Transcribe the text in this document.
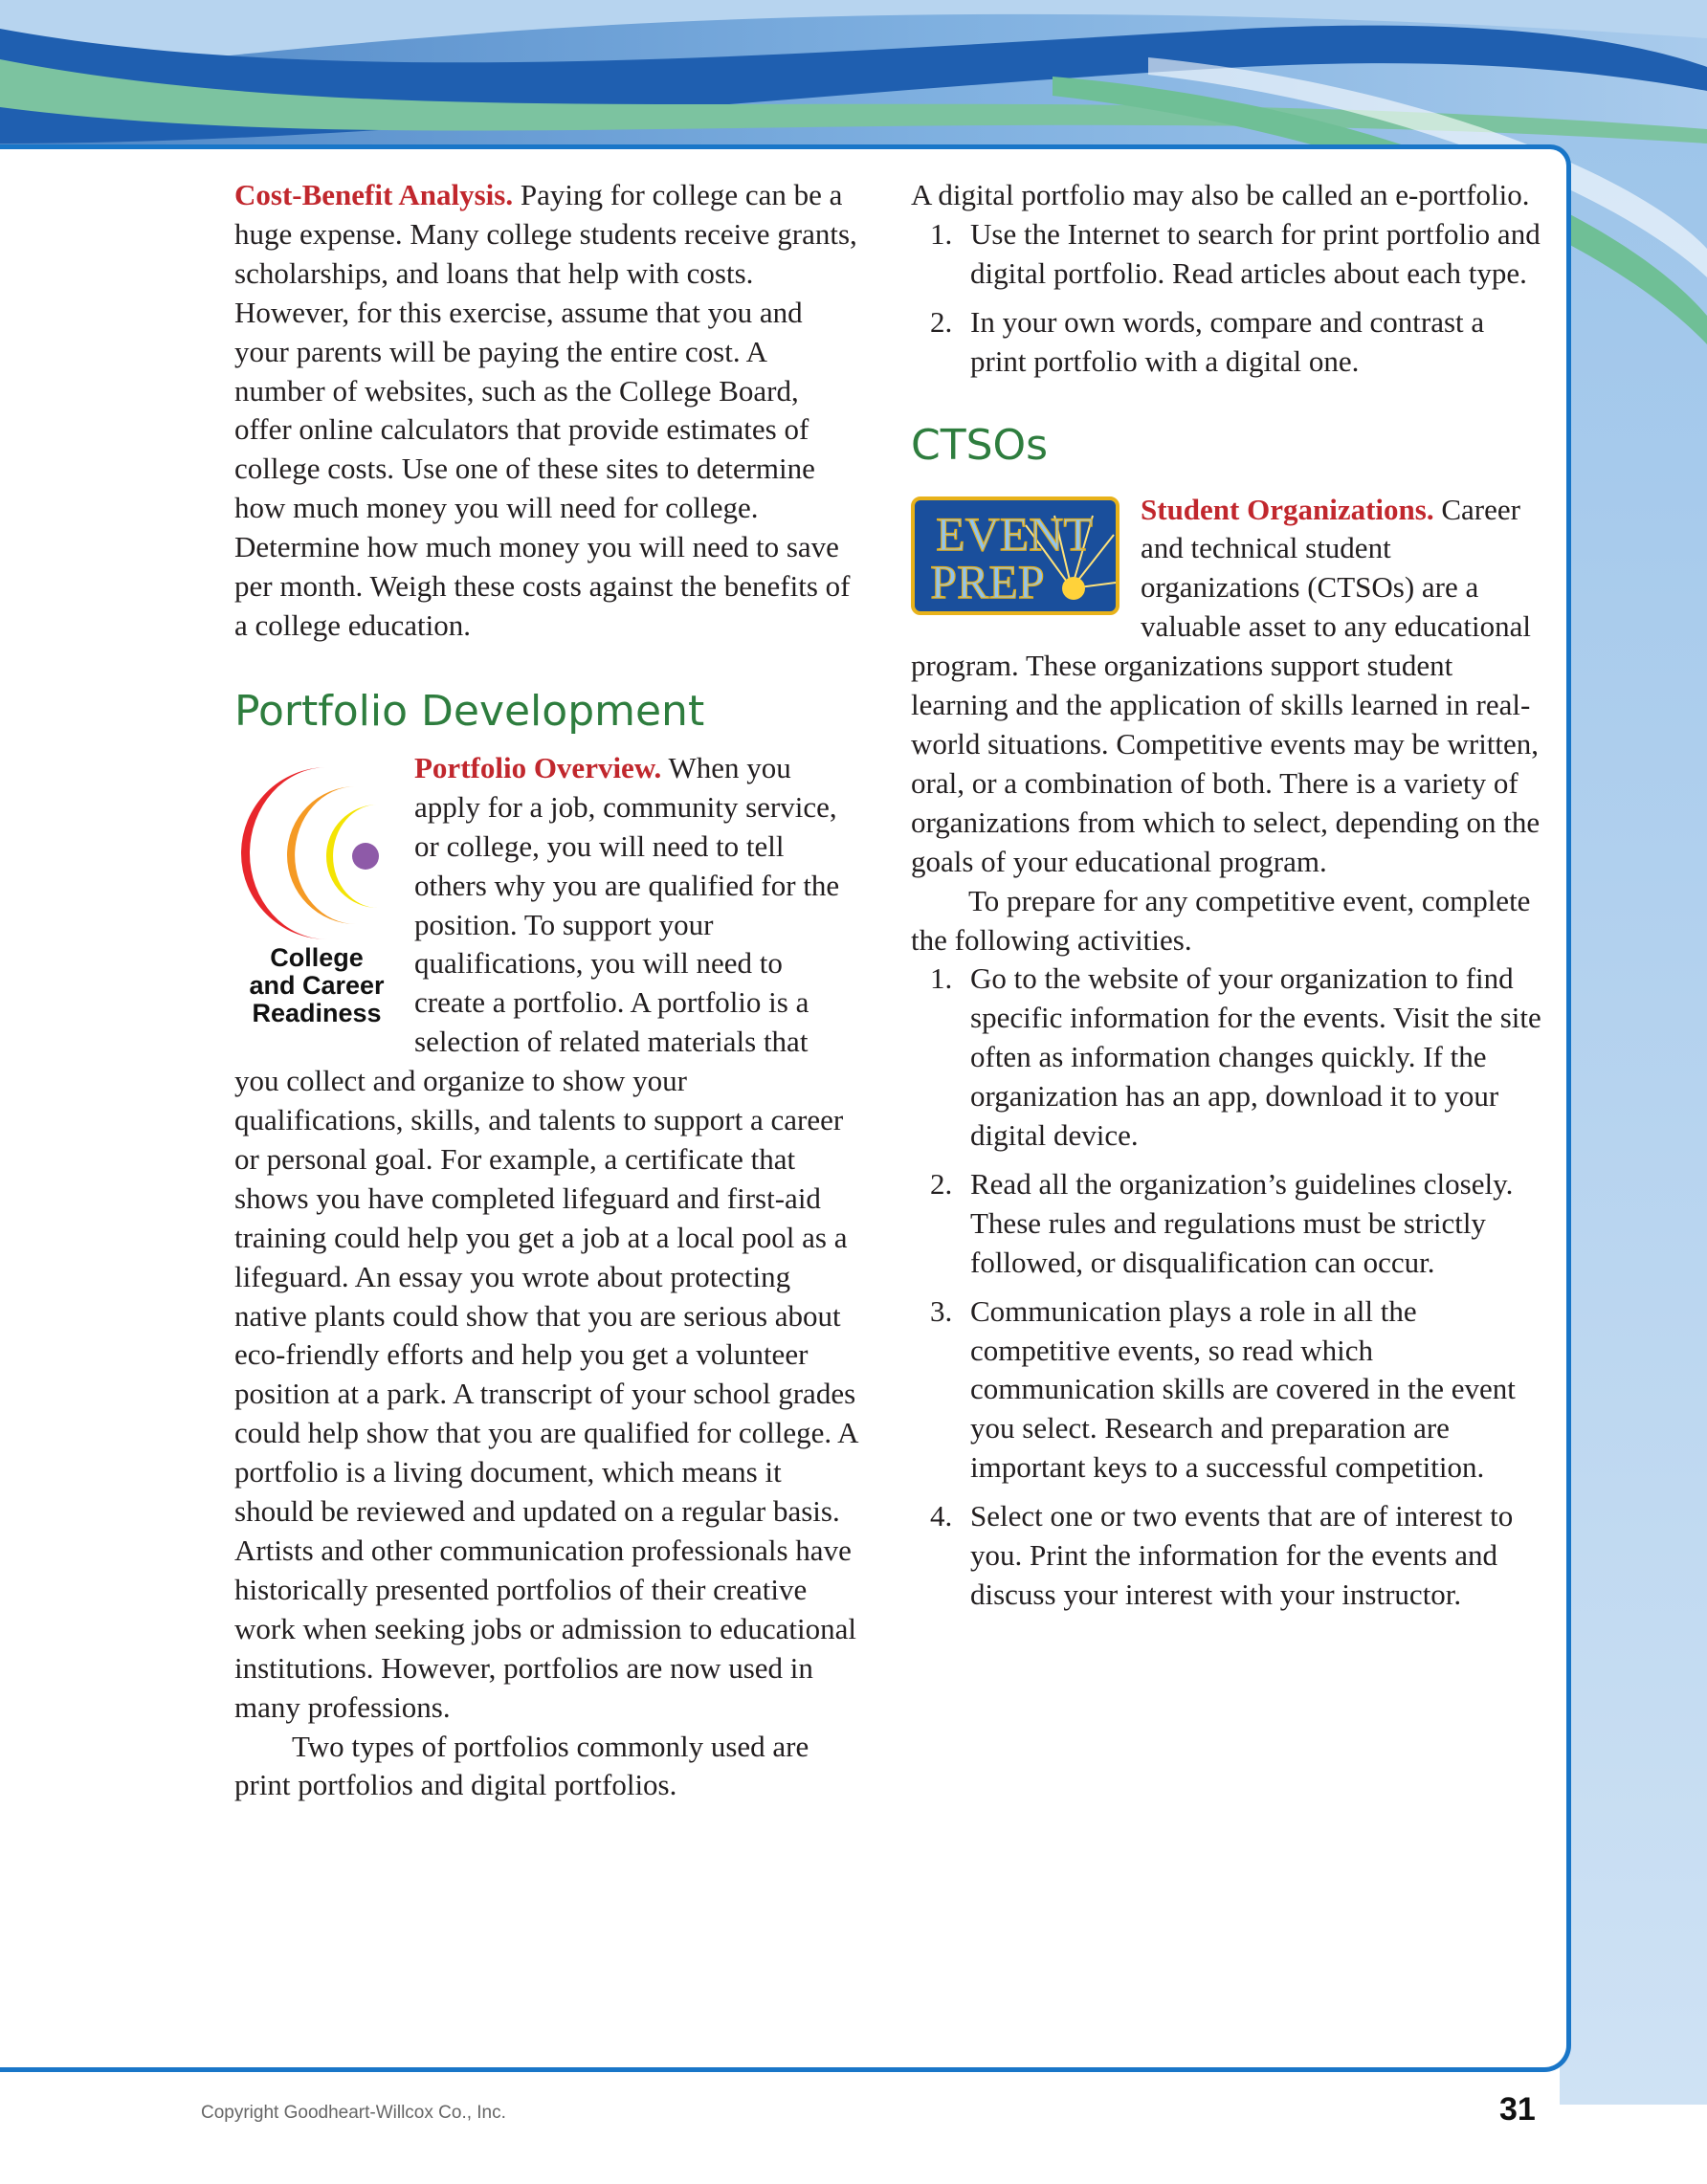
Cost-Benefit Analysis. Paying for college can be a huge expense. Many college students receive grants, scholarships, and loans that help with costs. However, for this exercise, assume that you and your parents will be paying the entire cost. A number of websites, such as the College Board, offer online calculators that provide estimates of college costs. Use one of these sites to determine how much money you will need for college. Determine how much money you will need to save per month. Weigh these costs against the benefits of a college education.

Portfolio Development
College
and Career
Readiness

Portfolio Overview. When you apply for a job, community service, or college, you will need to tell others why you are qualified for the position. To support your qualifications, you will need to create a portfolio. A portfolio is a selection of related materials that you collect and organize to show your qualifications, skills, and talents to support a career or personal goal. For example, a certificate that shows you have completed lifeguard and first-aid training could help you get a job at a local pool as a lifeguard. An essay you wrote about protecting native plants could show that you are serious about eco-friendly efforts and help you get a volunteer position at a park. A transcript of your school grades could help show that you are qualified for college. A portfolio is a living document, which means it should be reviewed and updated on a regular basis. Artists and other communication professionals have historically presented portfolios of their creative work when seeking jobs or admission to educational institutions. However, portfolios are now used in many professions.

Two types of portfolios commonly used are print portfolios and digital portfolios.

A digital portfolio may also be called an e-portfolio.

1. Use the Internet to search for print portfolio and digital portfolio. Read articles about each type.
2. In your own words, compare and contrast a print portfolio with a digital one.
CTSOs
EVENT
PREP

Student Organizations. Career and technical student organizations (CTSOs) are a valuable asset to any educational program. These organizations support student learning and the application of skills learned in real-world situations. Competitive events may be written, oral, or a combination of both. There is a variety of organizations from which to select, depending on the goals of your educational program.

To prepare for any competitive event, complete the following activities.

1. Go to the website of your organization to find specific information for the events. Visit the site often as information changes quickly. If the organization has an app, download it to your digital device.
2. Read all the organization’s guidelines closely. These rules and regulations must be strictly followed, or disqualification can occur.
3. Communication plays a role in all the competitive events, so read which communication skills are covered in the event you select. Research and preparation are important keys to a successful competition.
4. Select one or two events that are of interest to you. Print the information for the events and discuss your interest with your instructor.
Copyright Goodheart-Willcox Co., Inc.	31
